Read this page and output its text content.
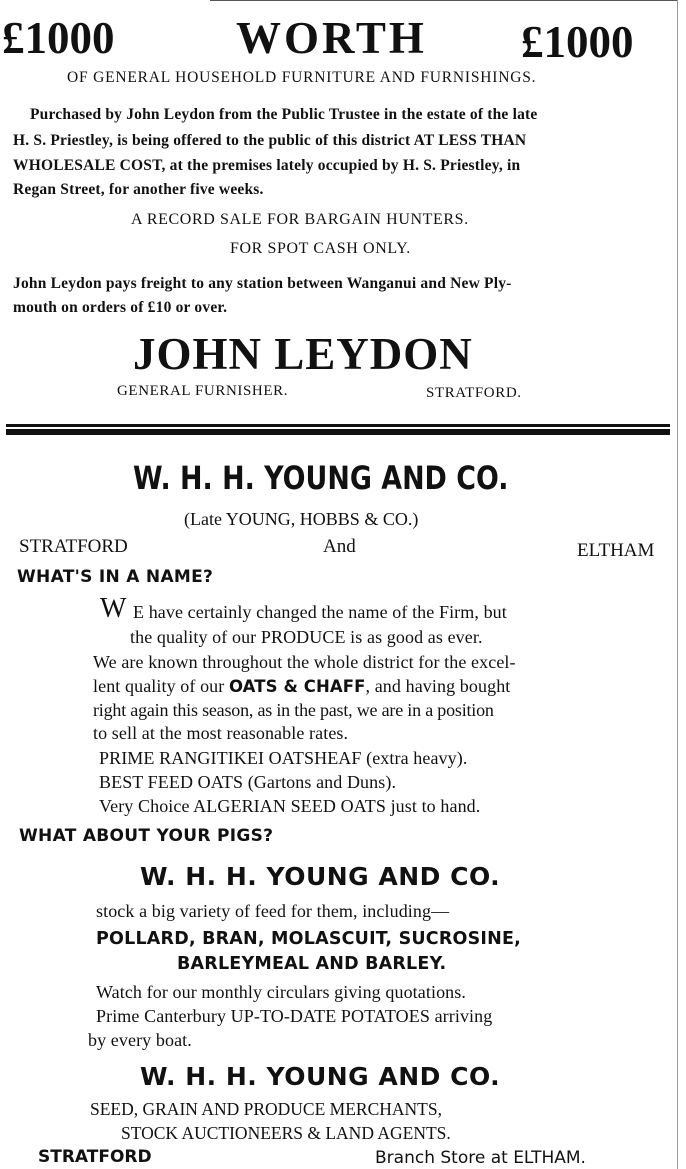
£1000	WORTH £1000
OF GENERAL HOUSEHOLD FURNITURE AND FURNISHINGS.
Purchased by John Leydon from the Public Trustee in the estate of the late
H. S. Priestley, is being offered to the public of this district AT LESS THAN
WHOLESALE COST, at the premises lately occupied by H. S. Priestley, in
Regan Street, for another five weeks.
A RECORD SALE FOR BARGAIN HUNTERS.
FOR SPOT CASH ONLY.
John Leydon pays freight to any station between Wanganui and New Ply-
mouth on orders of £10 or over.
JOHN LEYDON
GENERAL FURNISHER.	STRATFORD.
W. H. H. YOUNG AND CO.
(Late YOUNG, HOBBS & CO.)
STRATFORD	And	ELTHAM
WHAT'S IN A NAME?
W E have certainly changed the name of the Firm, but
the quality of our PRODUCE is as good as ever.
We are known throughout the whole district for the excel-
lent quality of our OATS & CHAFF, and having bought
right again this season, as in the past, we are in a position
to sell at the most reasonable rates.
PRIME RANGITIKEI OATSHEAF (extra heavy).
BEST FEED OATS (Gartons and Duns).
Very Choice ALGERIAN SEED OATS just to hand.
WHAT ABOUT YOUR PIGS?
W. H. H. YOUNG AND CO.
stock a big variety of feed for them, including—
POLLARD, BRAN, MOLASCUIT, SUCROSINE,
BARLEYMEAL AND BARLEY.
Watch for our monthly circulars giving quotations.
Prime Canterbury UP-TO-DATE POTATOES arriving
by every boat.
W. H. H. YOUNG AND CO.
SEED, GRAIN AND PRODUCE MERCHANTS,
STOCK AUCTIONEERS & LAND AGENTS.
STRATFORD	Branch Store at ELTHAM.
